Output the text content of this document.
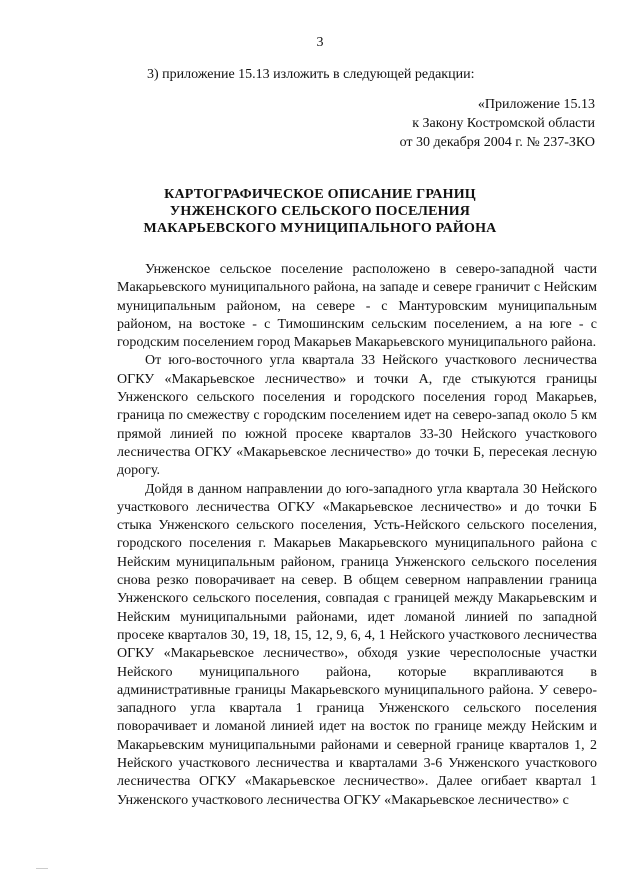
3
3) приложение 15.13 изложить в следующей редакции:
«Приложение 15.13
к Закону Костромской области
от 30 декабря 2004 г. № 237-ЗКО
КАРТОГРАФИЧЕСКОЕ ОПИСАНИЕ ГРАНИЦ
УНЖЕНСКОГО СЕЛЬСКОГО ПОСЕЛЕНИЯ
МАКАРЬЕВСКОГО МУНИЦИПАЛЬНОГО РАЙОНА

Унженское сельское поселение расположено в северо-западной части Макарьевского муниципального района, на западе и севере граничит с Нейским муниципальным районом, на севере - с Мантуровским муниципальным районом, на востоке - с Тимошинским сельским поселением, а на юге - с городским поселением город Макарьев Макарьевского муниципального района.

От юго-восточного угла квартала 33 Нейского участкового лесничества ОГКУ «Макарьевское лесничество» и точки А, где стыкуются границы Унженского сельского поселения и городского поселения город Макарьев, граница по смежеству с городским поселением идет на северо-запад около 5 км прямой линией по южной просеке кварталов 33-30 Нейского участкового лесничества ОГКУ «Макарьевское лесничество» до точки Б, пересекая лесную дорогу.

Дойдя в данном направлении до юго-западного угла квартала 30 Нейского участкового лесничества ОГКУ «Макарьевское лесничество» и до точки Б стыка Унженского сельского поселения, Усть-Нейского сельского поселения, городского поселения г. Макарьев Макарьевского муниципального района с Нейским муниципальным районом, граница Унженского сельского поселения снова резко поворачивает на север. В общем северном направлении граница Унженского сельского поселения, совпадая с границей между Макарьевским и Нейским муниципальными районами, идет ломаной линией по западной просеке кварталов 30, 19, 18, 15, 12, 9, 6, 4, 1 Нейского участкового лесничества ОГКУ «Макарьевское лесничество», обходя узкие чересполосные участки Нейского муниципального района, которые вкрапливаются в административные границы Макарьевского муниципального района. У северо-западного угла квартала 1 граница Унженского сельского поселения поворачивает и ломаной линией идет на восток по границе между Нейским и Макарьевским муниципальными районами и северной границе кварталов 1, 2 Нейского участкового лесничества и кварталами 3-6 Унженского участкового лесничества ОГКУ «Макарьевское лесничество». Далее огибает квартал 1 Унженского участкового лесничества ОГКУ «Макарьевское лесничество» с
